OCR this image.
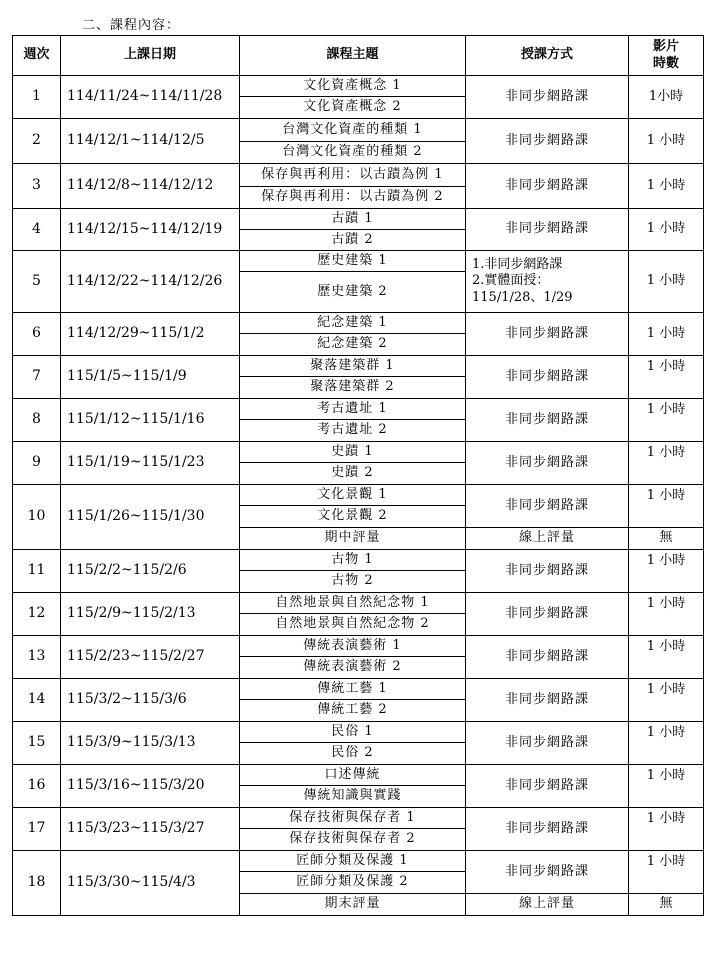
二、課程內容：
週次	上課日期	課程主題	授課方式	影片
時數

1	114/11/24~114/11/28	文化資產概念 1	非同步網路課	1小時
		文化資產概念 2		
2	114/12/1~114/12/5	台灣文化資產的種類 1	非同步網路課	1 小時
		台灣文化資產的種類 2		
3	114/12/8~114/12/12	保存與再利用：以古蹟為例 1	非同步網路課	1 小時
		保存與再利用：以古蹟為例 2		
4	114/12/15~114/12/19	古蹟 1	非同步網路課	1 小時
		古蹟 2		
5	114/12/22~114/12/26	歷史建築 1	1.非同步網路課
2.實體面授：
115/1/28、1/29	1 小時
		歷史建築 2		
6	114/12/29~115/1/2	紀念建築 1	非同步網路課	1 小時
		紀念建築 2		
7	115/1/5~115/1/9	聚落建築群 1	非同步網路課	1 小時
		聚落建築群 2		
8	115/1/12~115/1/16	考古遺址 1	非同步網路課	1 小時
		考古遺址 2		
9	115/1/19~115/1/23	史蹟 1	非同步網路課	1 小時
		史蹟 2		
10	115/1/26~115/1/30	文化景觀 1	非同步網路課	1 小時
		文化景觀 2		
		期中評量	線上評量	無
11	115/2/2~115/2/6	古物 1	非同步網路課	1 小時
		古物 2		
12	115/2/9~115/2/13	自然地景與自然紀念物 1	非同步網路課	1 小時
		自然地景與自然紀念物 2		
13	115/2/23~115/2/27	傳統表演藝術 1	非同步網路課	1 小時
		傳統表演藝術 2		
14	115/3/2~115/3/6	傳統工藝 1	非同步網路課	1 小時
		傳統工藝 2		
15	115/3/9~115/3/13	民俗 1	非同步網路課	1 小時
		民俗 2		
16	115/3/16~115/3/20	口述傳統	非同步網路課	1 小時
		傳統知識與實踐		
17	115/3/23~115/3/27	保存技術與保存者 1	非同步網路課	1 小時
		保存技術與保存者 2		
18	115/3/30~115/4/3	匠師分類及保護 1	非同步網路課	1 小時
		匠師分類及保護 2		
		期末評量	線上評量	無
